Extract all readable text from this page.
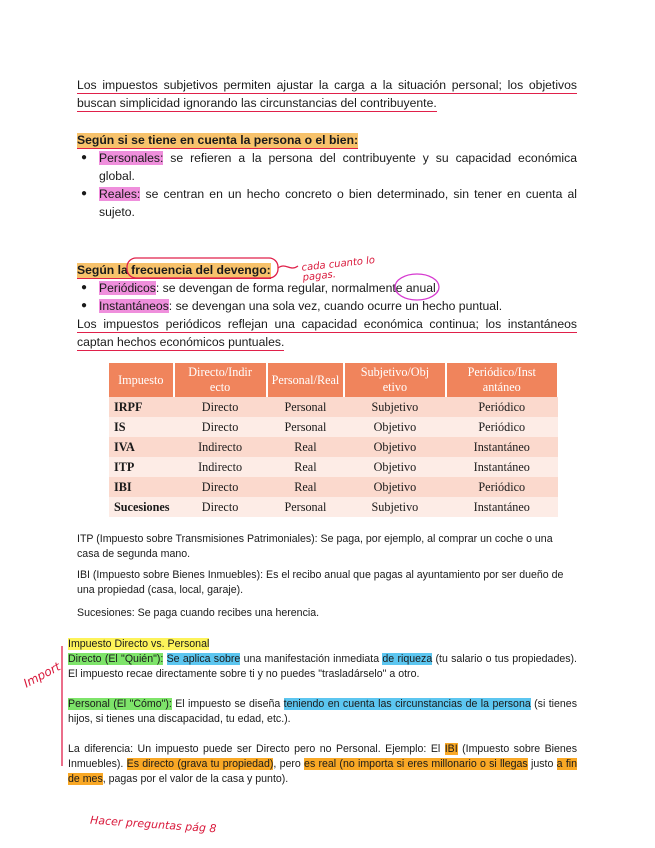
Los impuestos subjetivos permiten ajustar la carga a la situación personal; los objetivos buscan simplicidad ignorando las circunstancias del contribuyente.
Según si se tiene en cuenta la persona o el bien:
● Personales: se refieren a la persona del contribuyente y su capacidad económica global.
● Reales: se centran en un hecho concreto o bien determinado, sin tener en cuenta al sujeto.
Según la frecuencia del devengo:
● Periódicos: se devengan de forma regular, normalmente anual.
● Instantáneos: se devengan una sola vez, cuando ocurre un hecho puntual.
Los impuestos periódicos reflejan una capacidad económica continua; los instantáneos captan hechos económicos puntuales.
Impuesto	Directo/Indir ecto	Personal/Real	Subjetivo/Obj etivo	Periódico/Inst antáneo
IRPF	Directo	Personal	Subjetivo	Periódico
IS	Directo	Personal	Objetivo	Periódico
IVA	Indirecto	Real	Objetivo	Instantáneo
ITP	Indirecto	Real	Objetivo	Instantáneo
IBI	Directo	Real	Objetivo	Periódico
Sucesiones	Directo	Personal	Subjetivo	Instantáneo
ITP (Impuesto sobre Transmisiones Patrimoniales): Se paga, por ejemplo, al comprar un coche o una casa de segunda mano.
IBI (Impuesto sobre Bienes Inmuebles): Es el recibo anual que pagas al ayuntamiento por ser dueño de una propiedad (casa, local, garaje).
Sucesiones: Se paga cuando recibes una herencia.
Impuesto Directo vs. Personal
Directo (El "Quién"): Se aplica sobre una manifestación inmediata de riqueza (tu salario o tus propiedades). El impuesto recae directamente sobre ti y no puedes "trasladárselo" a otro.
Personal (El "Cómo"): El impuesto se diseña teniendo en cuenta las circunstancias de la persona (si tienes hijos, si tienes una discapacidad, tu edad, etc.).
La diferencia: Un impuesto puede ser Directo pero no Personal. Ejemplo: El IBI (Impuesto sobre Bienes Inmuebles). Es directo (grava tu propiedad), pero es real (no importa si eres millonario o si llegas justo a fin de mes, pagas por el valor de la casa y punto).
cada cuanto lo pagas.
Import
Hacer preguntas pág 8
